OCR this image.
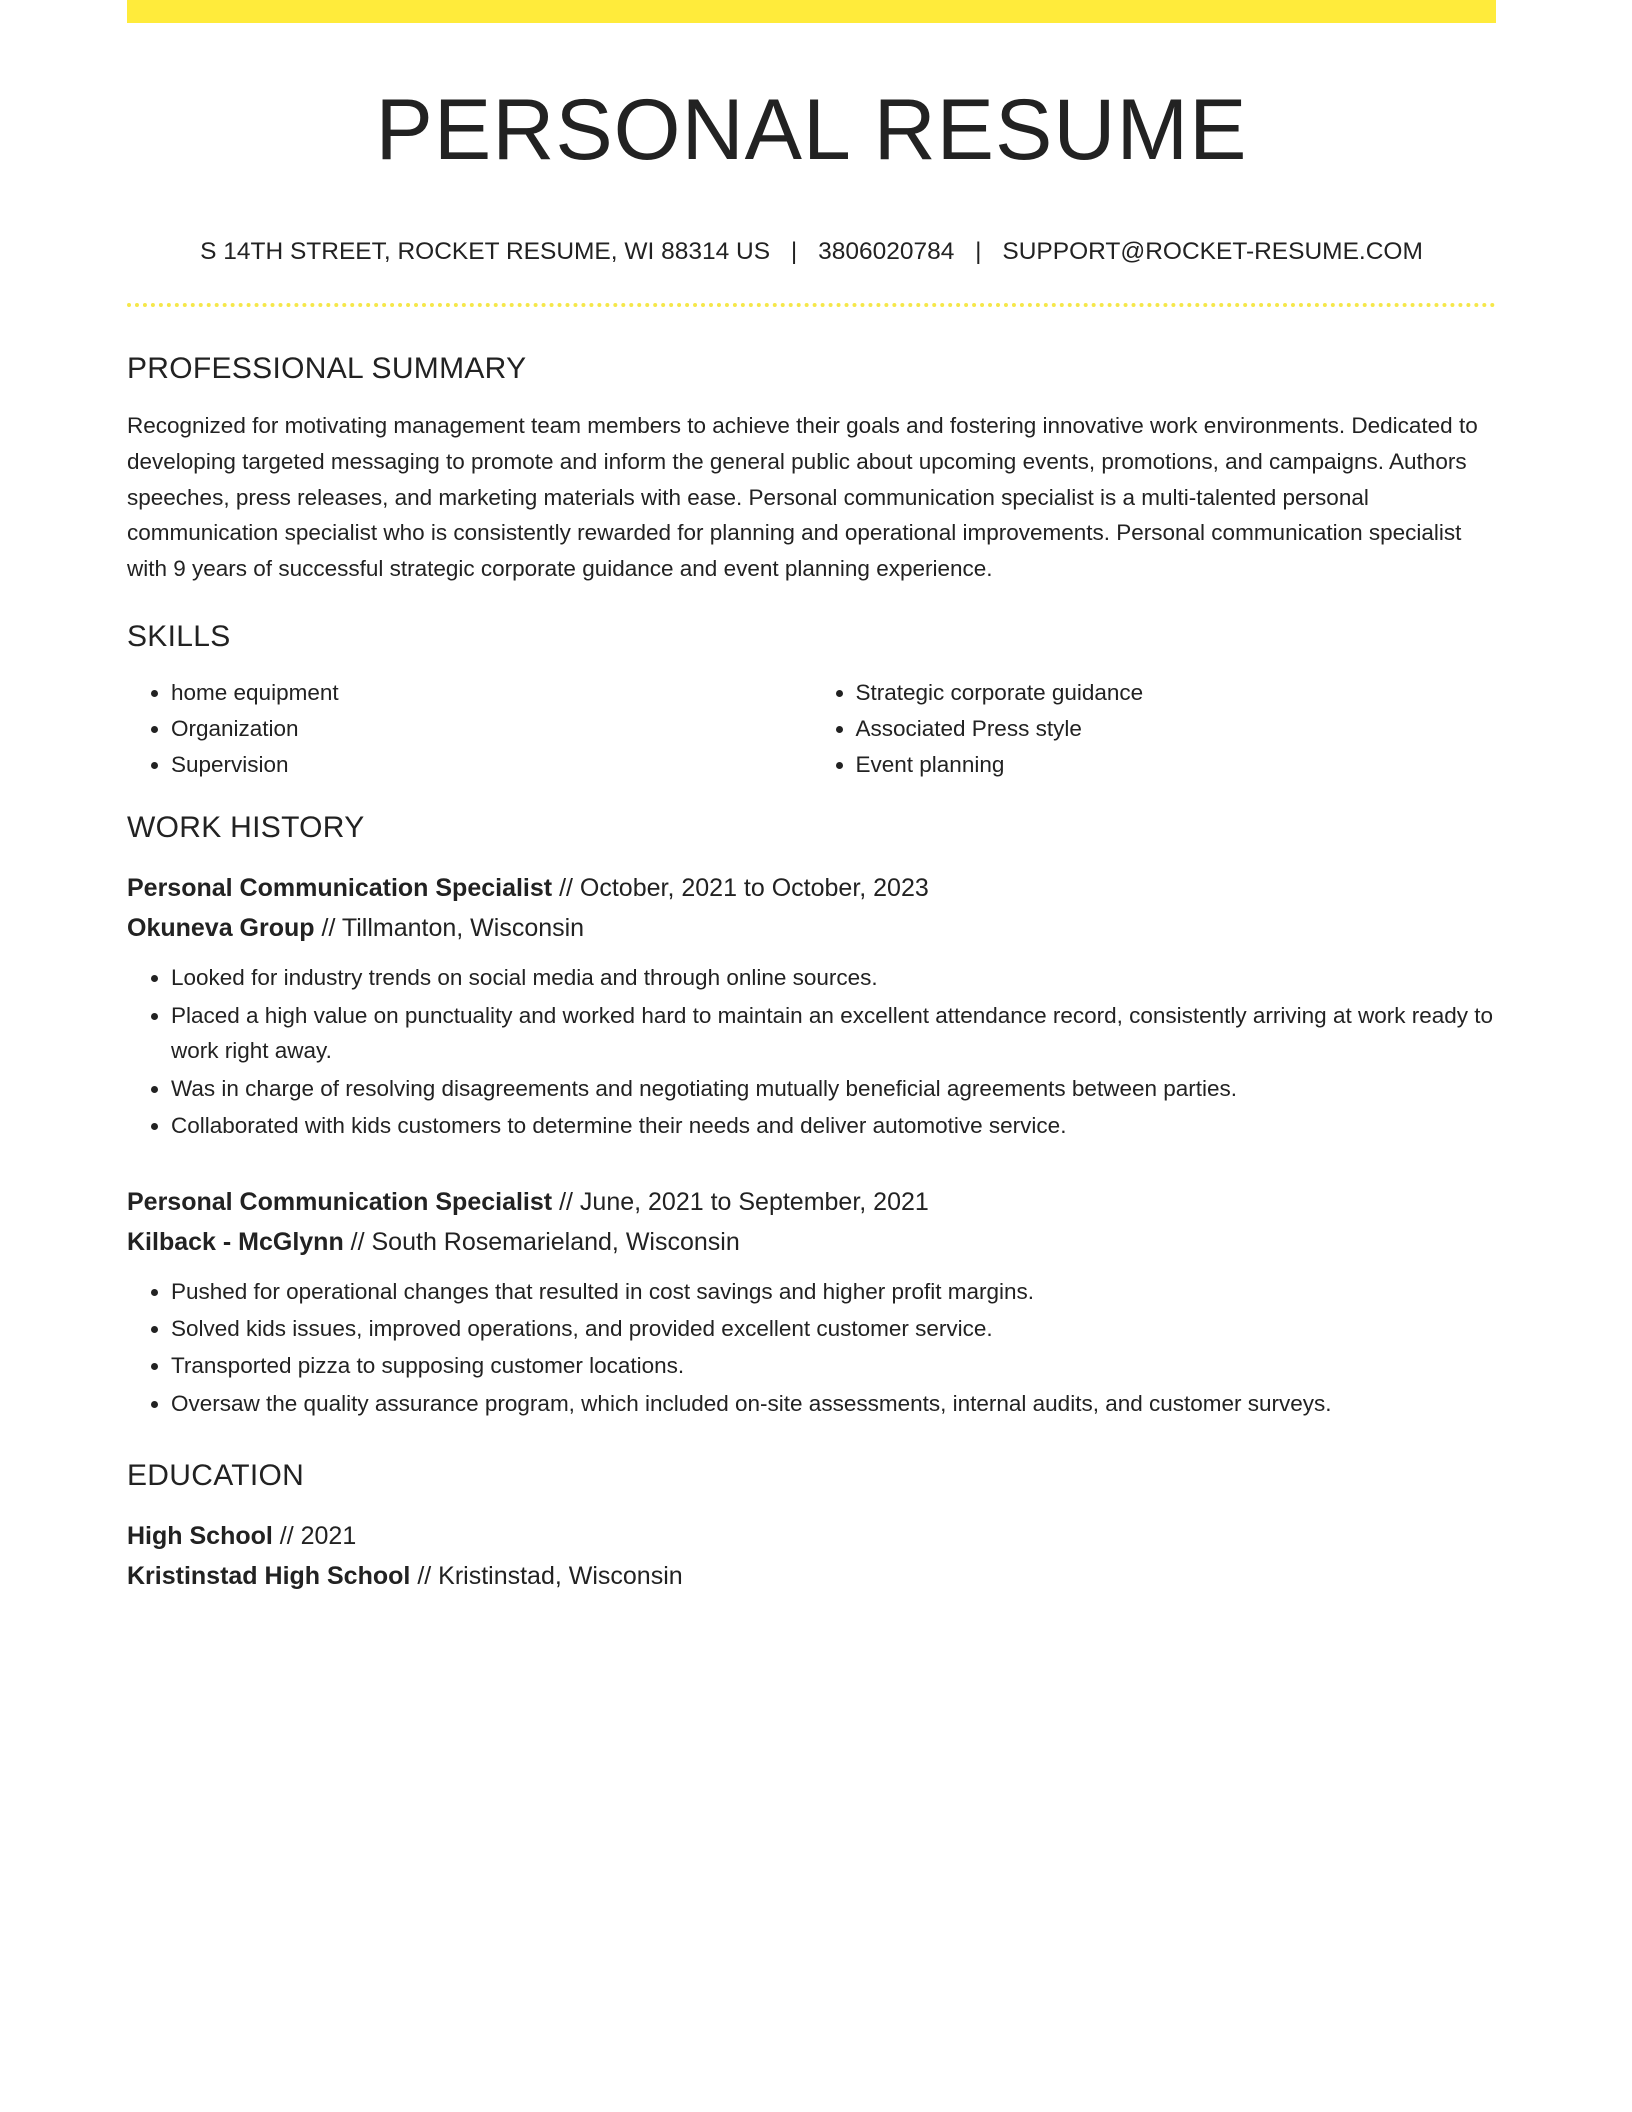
PERSONAL RESUME
S 14TH STREET, ROCKET RESUME, WI 88314 US | 3806020784 | SUPPORT@ROCKET-RESUME.COM
PROFESSIONAL SUMMARY
Recognized for motivating management team members to achieve their goals and fostering innovative work environments. Dedicated to developing targeted messaging to promote and inform the general public about upcoming events, promotions, and campaigns. Authors speeches, press releases, and marketing materials with ease. Personal communication specialist is a multi-talented personal communication specialist who is consistently rewarded for planning and operational improvements. Personal communication specialist with 9 years of successful strategic corporate guidance and event planning experience.
SKILLS
• home equipment
• Organization
• Supervision
• Strategic corporate guidance
• Associated Press style
• Event planning
WORK HISTORY
Personal Communication Specialist // October, 2021 to October, 2023
Okuneva Group // Tillmanton, Wisconsin
• Looked for industry trends on social media and through online sources.
• Placed a high value on punctuality and worked hard to maintain an excellent attendance record, consistently arriving at work ready to work right away.
• Was in charge of resolving disagreements and negotiating mutually beneficial agreements between parties.
• Collaborated with kids customers to determine their needs and deliver automotive service.
Personal Communication Specialist // June, 2021 to September, 2021
Kilback - McGlynn // South Rosemarieland, Wisconsin
• Pushed for operational changes that resulted in cost savings and higher profit margins.
• Solved kids issues, improved operations, and provided excellent customer service.
• Transported pizza to supposing customer locations.
• Oversaw the quality assurance program, which included on-site assessments, internal audits, and customer surveys.
EDUCATION
High School // 2021
Kristinstad High School // Kristinstad, Wisconsin
